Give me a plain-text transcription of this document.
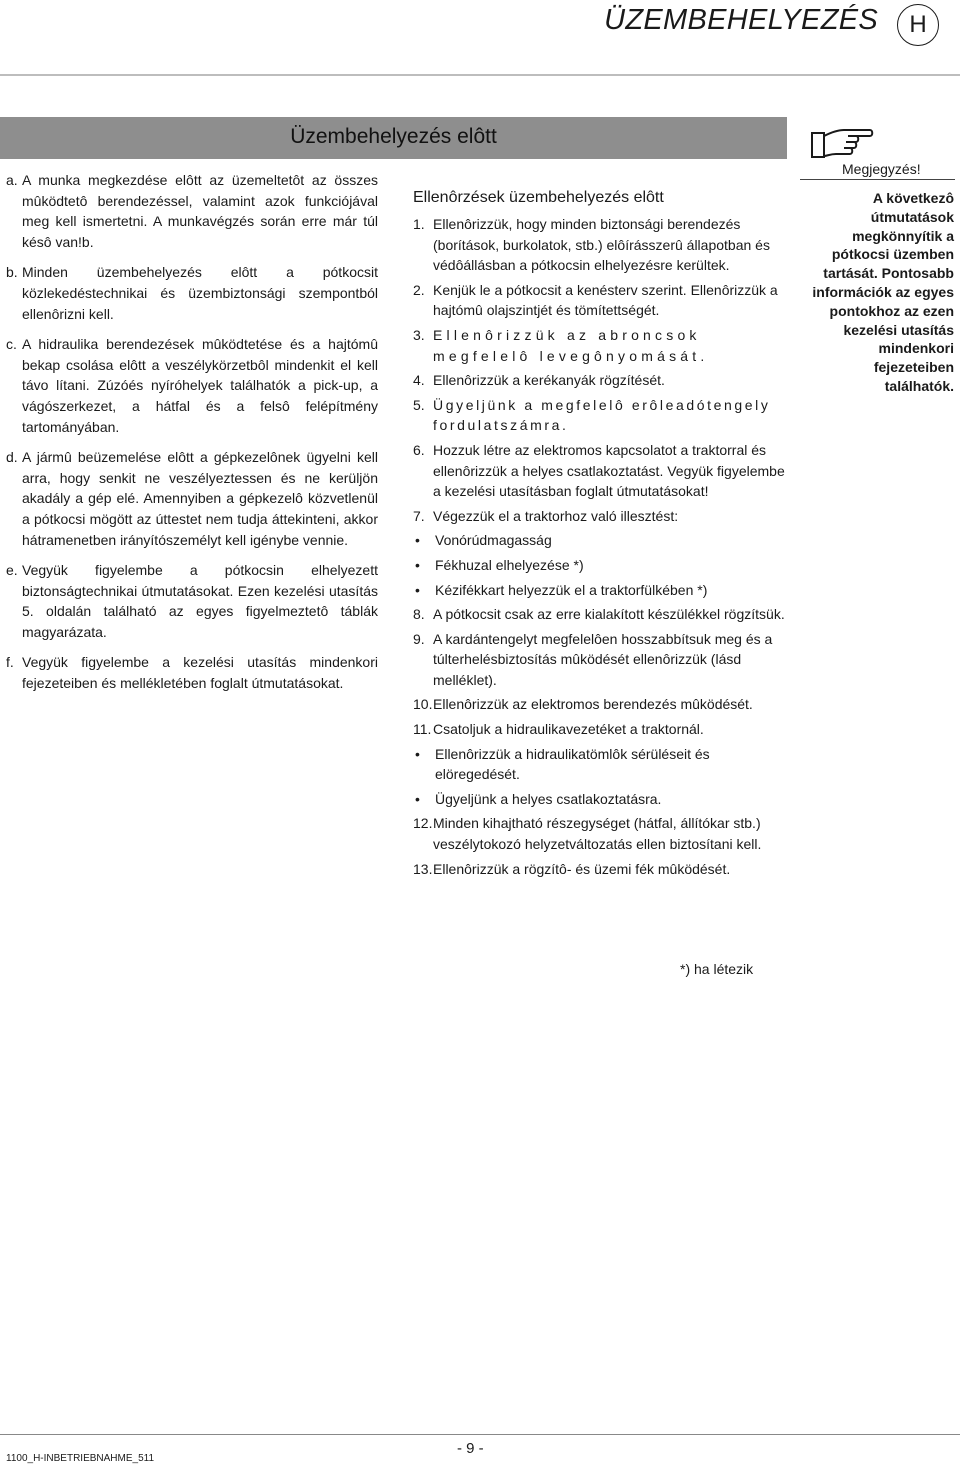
ÜZEMBEHELYEZÉS	H
Üzembehelyezés elôtt
Megjegyzés!
A következô útmutatások megkönnyítik a pótkocsi üzemben tartását. Pontosabb információk az egyes pontokhoz az ezen kezelési utasítás mindenkori fejezeteiben találhatók.
a. A munka megkezdése elôtt az üzemeltetôt az összes mûködtetô berendezéssel, valamint azok funkciójával meg kell ismertetni. A munkavégzés során erre már túl késô van!b.
b. Minden üzembehelyezés elôtt a pótkocsit közlekedéstechnikai és üzembiztonsági szempontból ellenôrizni kell.
c. A hidraulika berendezések mûködtetése és a hajtómû bekap csolása elôtt a veszélykörzetbôl mindenkit el kell távo lítani. Zúzóés nyíróhelyek találhatók a pick-up, a vágószerkezet, a hátfal és a felsô felépítmény tartományában.
d. A jármû beüzemelése elôtt a gépkezelônek ügyelni kell arra, hogy senkit ne veszélyeztessen és ne kerüljön akadály a gép elé. Amennyiben a gépkezelô közvetlenül a pótkocsi mögött az úttestet nem tudja áttekinteni, akkor hátramenetben irányítószemélyt kell igénybe vennie.
e. Vegyük figyelembe a pótkocsin elhelyezett biztonságtechnikai útmutatásokat. Ezen kezelési utasítás 5. oldalán található az egyes figyelmeztetô táblák magyarázata.
f. Vegyük figyelembe a kezelési utasítás mindenkori fejezeteiben és mellékletében foglalt útmutatásokat.
Ellenôrzések üzembehelyezés elôtt
1. Ellenôrizzük, hogy minden biztonsági berendezés (borítások, burkolatok, stb.) elôírásszerû állapotban és védôállásban a pótkocsin elhelyezésre kerültek.
2. Kenjük le a pótkocsit a kenésterv szerint. Ellenôrizzük a hajtómû olajszintjét és tömítettségét.
3. Ellenôrizzük az abroncsok megfelelô levegônyomását.
4. Ellenôrizzük a kerékanyák rögzítését.
5. Ügyeljünk a megfelelô erôleadótengely fordulatszámra.
6. Hozzuk létre az elektromos kapcsolatot a traktorral és ellenôrizzük a helyes csatlakoztatást. Vegyük figyelembe a kezelési utasításban foglalt útmutatásokat!
7. Végezzük el a traktorhoz való illesztést:
• Vonórúdmagasság
• Fékhuzal elhelyezése *)
• Kézifékkart helyezzük el a traktorfülkében *)
8. A pótkocsit csak az erre kialakított készülékkel rögzítsük.
9. A kardántengelyt megfelelôen hosszabbítsuk meg és a túlterhelésbiztosítás mûködését ellenôrizzük (lásd melléklet).
10. Ellenôrizzük az elektromos berendezés mûködését.
11. Csatoljuk a hidraulikavezetéket a traktornál.
• Ellenôrizzük a hidraulikatömlôk sérüléseit és elöregedését.
• Ügyeljünk a helyes csatlakoztatásra.
12. Minden kihajtható részegységet (hátfal, állítókar stb.) veszélytokozó helyzetváltozatás ellen biztosítani kell.
13. Ellenôrizzük a rögzítô- és üzemi fék mûködését.
*) ha létezik
1100_H-INBETRIEBNAHME_511
- 9 -
